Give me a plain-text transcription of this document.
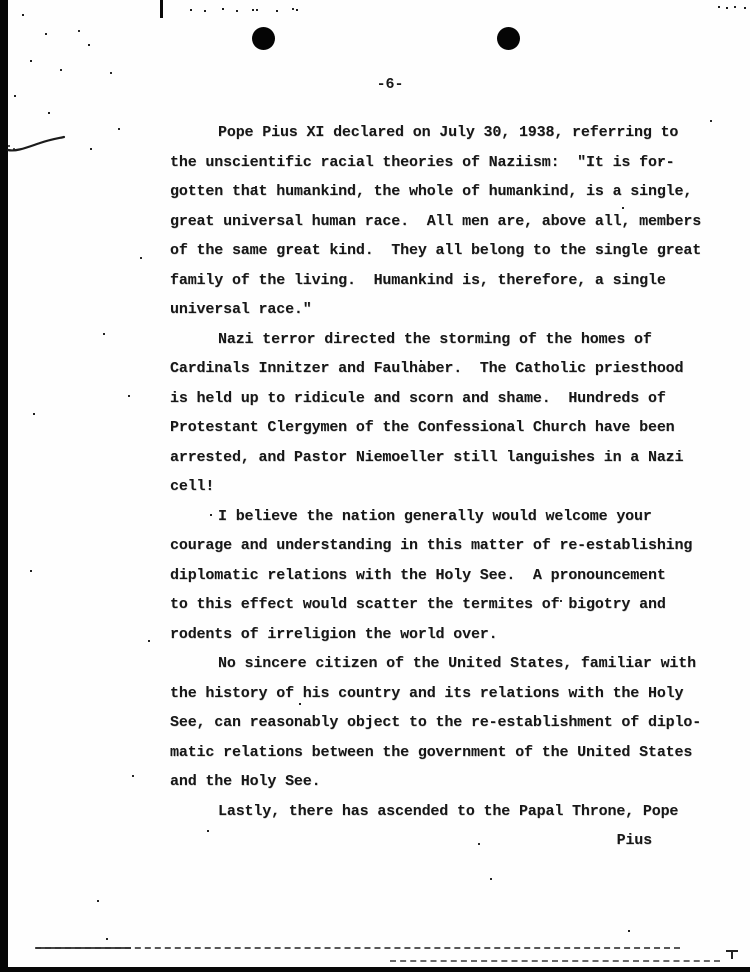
-6-
Pope Pius XI declared on July 30, 1938, referring to
the unscientific racial theories of Naziism:  "It is for-
gotten that humankind, the whole of humankind, is a single,
great universal human race.  All men are, above all, members
of the same great kind.  They all belong to the single great
family of the living.  Humankind is, therefore, a single
universal race."
Nazi terror directed the storming of the homes of
Cardinals Innitzer and Faulhaber.  The Catholic priesthood
is held up to ridicule and scorn and shame.  Hundreds of
Protestant Clergymen of the Confessional Church have been
arrested, and Pastor Niemoeller still languishes in a Nazi
cell!
I believe the nation generally would welcome your
courage and understanding in this matter of re-establishing
diplomatic relations with the Holy See.  A pronouncement
to this effect would scatter the termites of bigotry and
rodents of irreligion the world over.
No sincere citizen of the United States, familiar with
the history of his country and its relations with the Holy
See, can reasonably object to the re-establishment of diplo-
matic relations between the government of the United States
and the Holy See.
Lastly, there has ascended to the Papal Throne, Pope
Pius
